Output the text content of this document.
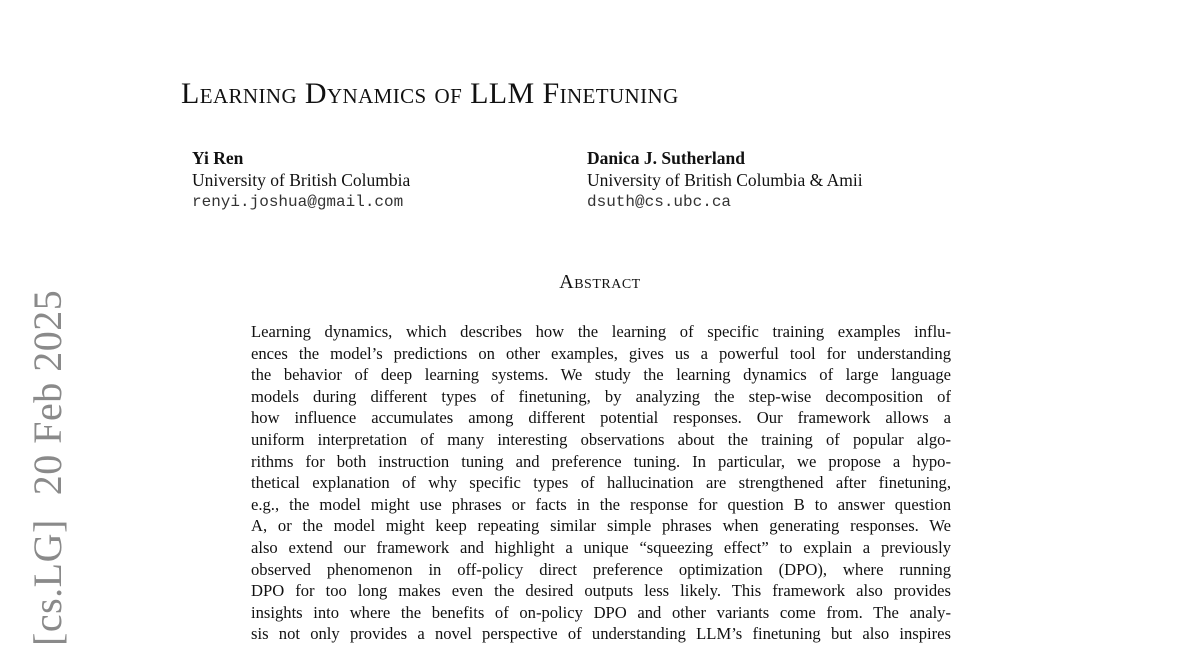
[cs.LG]20 Feb 2025
Learning Dynamics of LLM Finetuning
Yi Ren
University of British Columbia
renyi.joshua@gmail.com
Danica J. Sutherland
University of British Columbia & Amii
dsuth@cs.ubc.ca
Abstract
Learning dynamics, which describes how the learning of specific training examples influ-
ences the model’s predictions on other examples, gives us a powerful tool for understanding
the behavior of deep learning systems. We study the learning dynamics of large language
models during different types of finetuning, by analyzing the step-wise decomposition of
how influence accumulates among different potential responses. Our framework allows a
uniform interpretation of many interesting observations about the training of popular algo-
rithms for both instruction tuning and preference tuning. In particular, we propose a hypo-
thetical explanation of why specific types of hallucination are strengthened after finetuning,
e.g., the model might use phrases or facts in the response for question B to answer question
A, or the model might keep repeating similar simple phrases when generating responses. We
also extend our framework and highlight a unique “squeezing effect” to explain a previously
observed phenomenon in off-policy direct preference optimization (DPO), where running
DPO for too long makes even the desired outputs less likely. This framework also provides
insights into where the benefits of on-policy DPO and other variants come from. The analy-
sis not only provides a novel perspective of understanding LLM’s finetuning but also inspires
